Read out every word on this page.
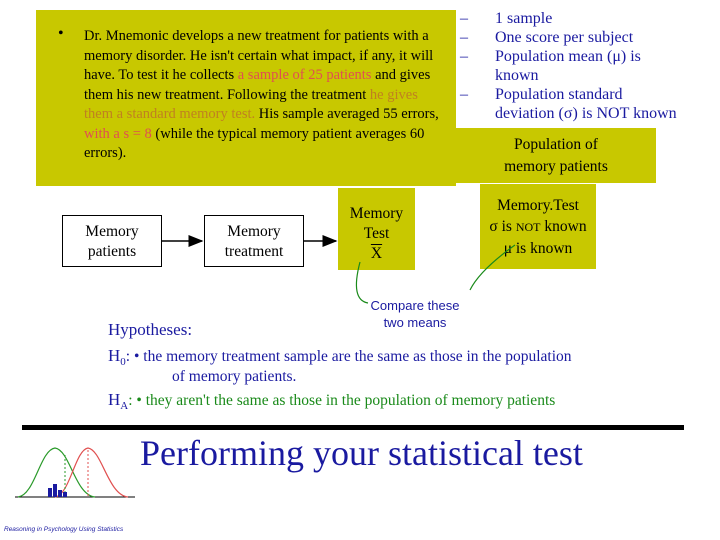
• Dr. Mnemonic develops a new treatment for patients with a memory disorder. He isn't certain what impact, if any, it will have. To test it he collects a sample of 25 patients and gives them his new treatment. Following the treatment he gives them a standard memory test. His sample averaged 55 errors, with a s = 8 (while the typical memory patient averages 60 errors).
– 1 sample
– One score per subject
– Population mean (μ) is
known
– Population standard
deviation (σ) is NOT known
Population of
memory patients
Memory.Test
σ is NOT known
μ is known
Memory
patients
Memory
treatment
Memory
Test
$\overline{X}$
Compare these
two means
Hypotheses:
$H_0$: • the memory treatment sample are the same as those in the population
of memory patients.
$H_A$: • they aren't the same as those in the population of memory patients
Performing your statistical test
Reasoning in Psychology Using Statistics
